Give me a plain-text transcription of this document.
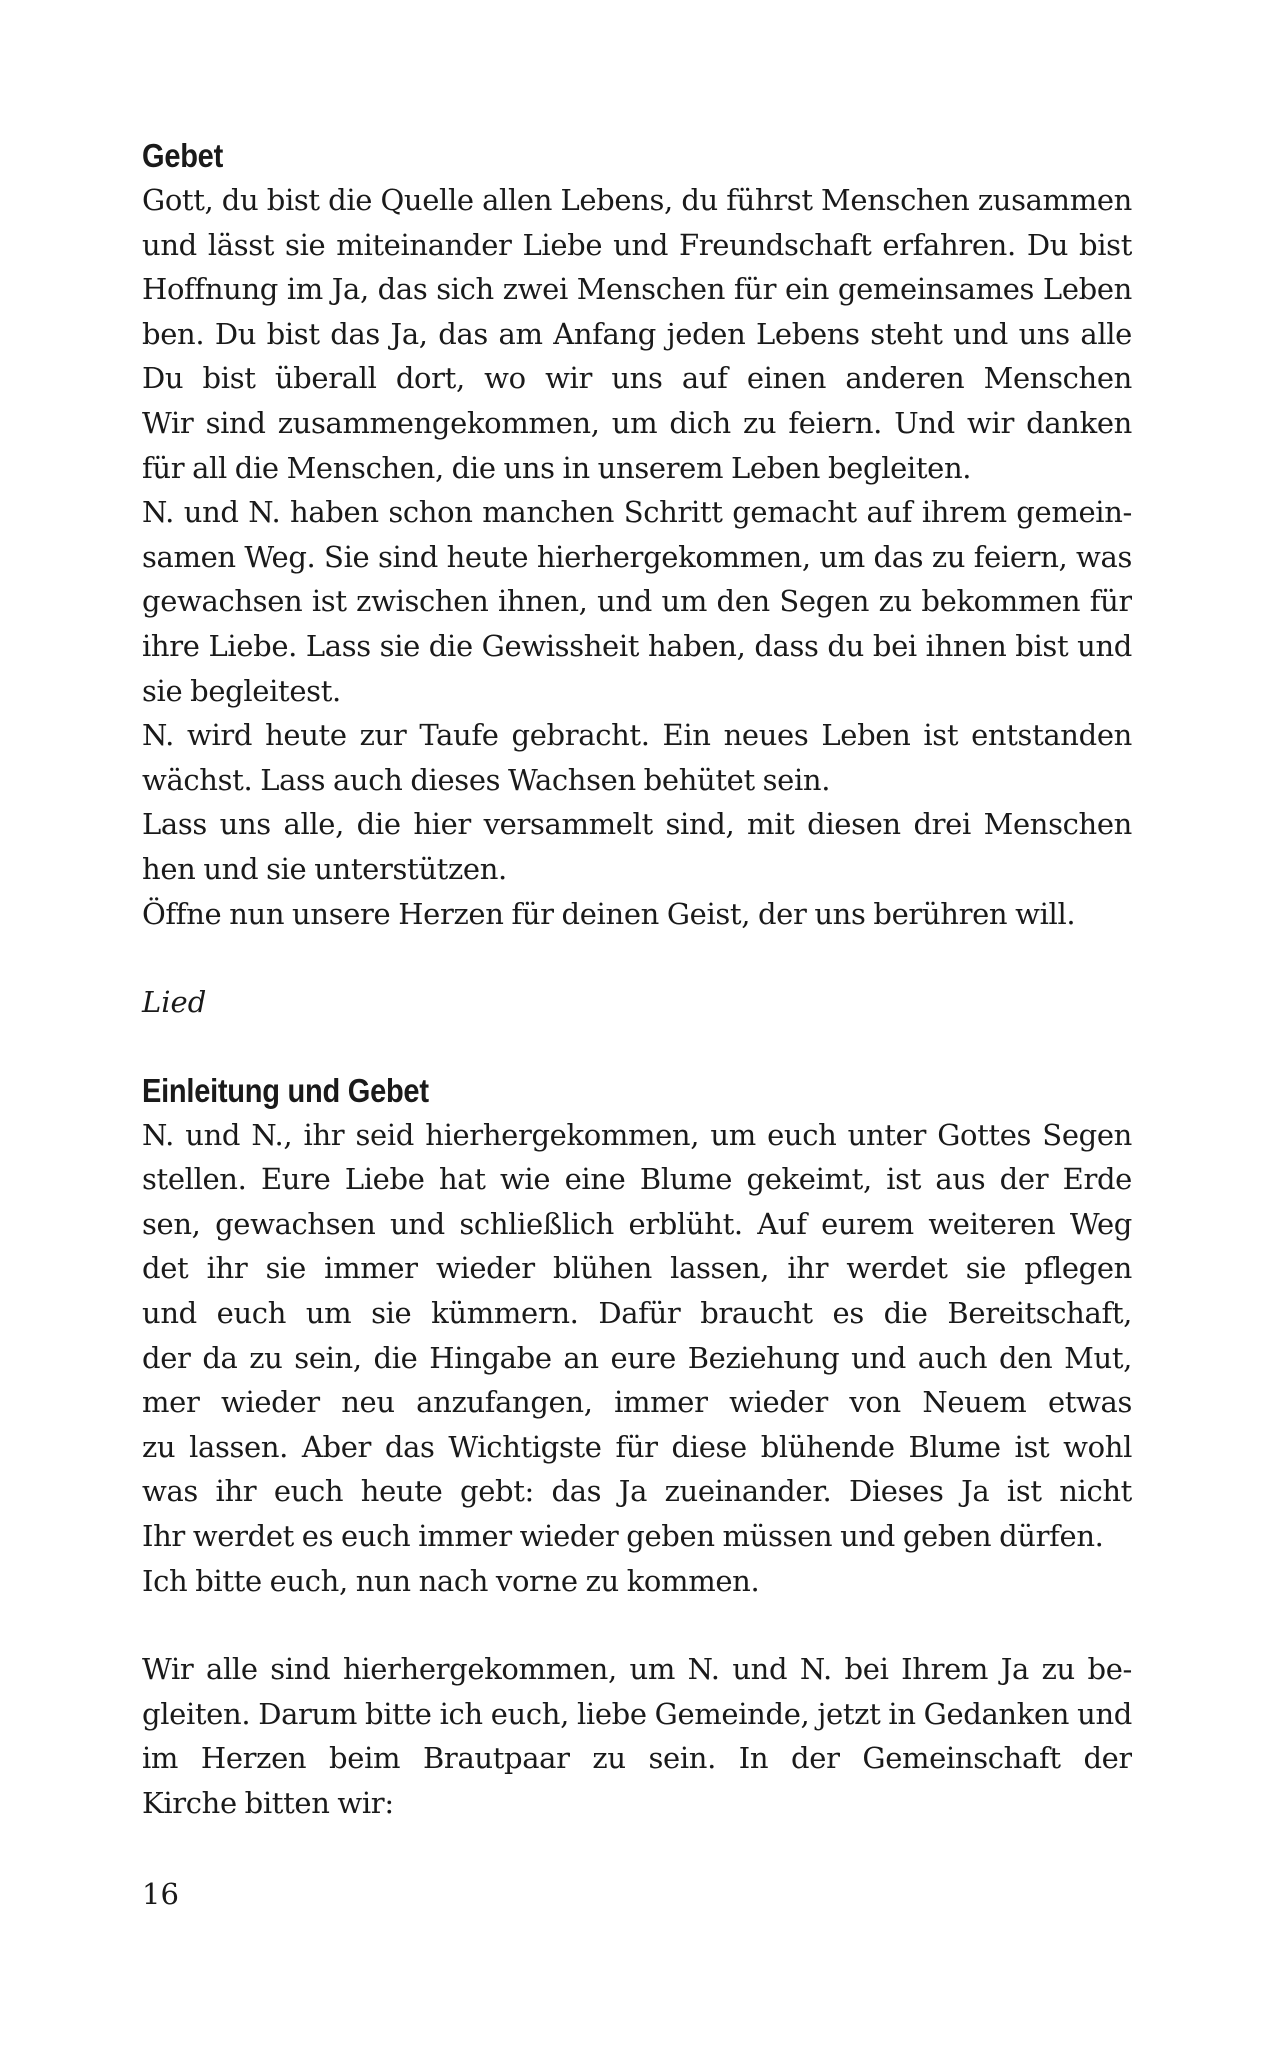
Gebet
Gott, du bist die Quelle allen Lebens, du führst Menschen zusammen
und lässt sie miteinander Liebe und Freundschaft erfahren. Du bist
Hoffnung im Ja, das sich zwei Menschen für ein gemeinsames Leben
ben. Du bist das Ja, das am Anfang jeden Lebens steht und uns alle
Du bist überall dort, wo wir uns auf einen anderen Menschen
Wir sind zusammengekommen, um dich zu feiern. Und wir danken
für all die Menschen, die uns in unserem Leben begleiten.
N. und N. haben schon manchen Schritt gemacht auf ihrem gemein-
samen Weg. Sie sind heute hierhergekommen, um das zu feiern, was
gewachsen ist zwischen ihnen, und um den Segen zu bekommen für
ihre Liebe. Lass sie die Gewissheit haben, dass du bei ihnen bist und
sie begleitest.
N. wird heute zur Taufe gebracht. Ein neues Leben ist entstanden
wächst. Lass auch dieses Wachsen behütet sein.
Lass uns alle, die hier versammelt sind, mit diesen drei Menschen
hen und sie unterstützen.
Öffne nun unsere Herzen für deinen Geist, der uns berühren will.
Lied
Einleitung und Gebet
N. und N., ihr seid hierhergekommen, um euch unter Gottes Segen
stellen. Eure Liebe hat wie eine Blume gekeimt, ist aus der Erde
sen, gewachsen und schließlich erblüht. Auf eurem weiteren Weg
det ihr sie immer wieder blühen lassen, ihr werdet sie pflegen
und euch um sie kümmern. Dafür braucht es die Bereitschaft,
der da zu sein, die Hingabe an eure Beziehung und auch den Mut,
mer wieder neu anzufangen, immer wieder von Neuem etwas
zu lassen. Aber das Wichtigste für diese blühende Blume ist wohl
was ihr euch heute gebt: das Ja zueinander. Dieses Ja ist nicht
Ihr werdet es euch immer wieder geben müssen und geben dürfen.
Ich bitte euch, nun nach vorne zu kommen.
Wir alle sind hierhergekommen, um N. und N. bei Ihrem Ja zu be-
gleiten. Darum bitte ich euch, liebe Gemeinde, jetzt in Gedanken und
im Herzen beim Brautpaar zu sein. In der Gemeinschaft der
Kirche bitten wir:
16
